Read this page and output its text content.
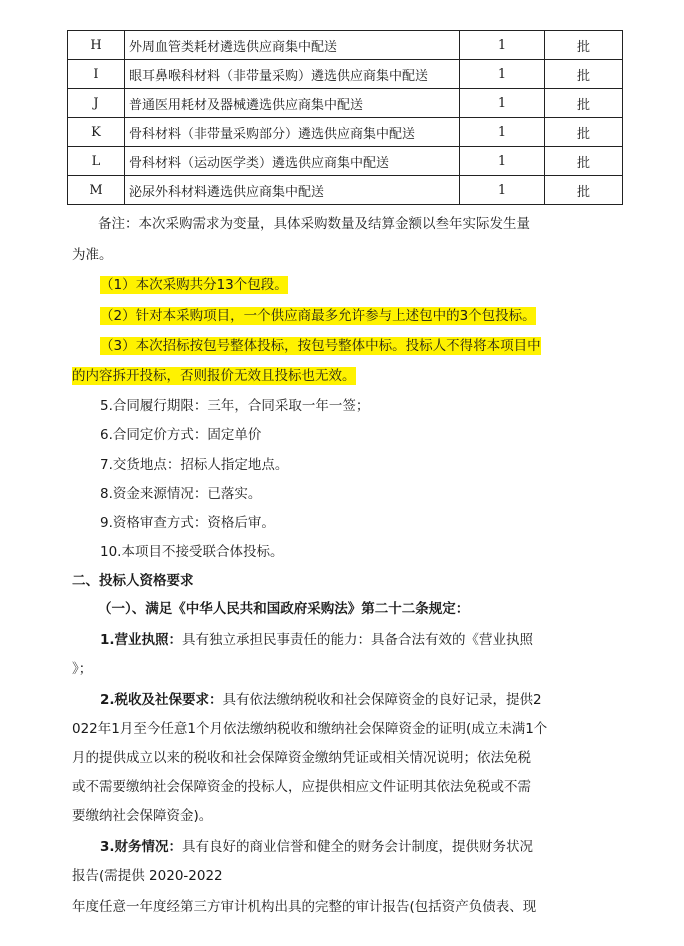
H	外周血管类耗材遴选供应商集中配送	1	批
I	眼耳鼻喉科材料（非带量采购）遴选供应商集中配送	1	批
J	普通医用耗材及器械遴选供应商集中配送	1	批
K	骨科材料（非带量采购部分）遴选供应商集中配送	1	批
L	骨科材料（运动医学类）遴选供应商集中配送	1	批
M	泌尿外科材料遴选供应商集中配送	1	批
备注：本次采购需求为变量，具体采购数量及结算金额以叁年实际发生量
为准。
（1）本次采购共分13个包段。
（2）针对本采购项目，一个供应商最多允许参与上述包中的3个包投标。
（3）本次招标按包号整体投标，按包号整体中标。投标人不得将本项目中
的内容拆开投标，否则报价无效且投标也无效。
5.合同履行期限：三年，合同采取一年一签；
6.合同定价方式：固定单价
7.交货地点：招标人指定地点。
8.资金来源情况：已落实。
9.资格审查方式：资格后审。
10.本项目不接受联合体投标。
二、投标人资格要求
（一）、满足《中华人民共和国政府采购法》第二十二条规定：
1.营业执照：具有独立承担民事责任的能力：具备合法有效的《营业执照
》；
2.税收及社保要求：具有依法缴纳税收和社会保障资金的良好记录，提供2
022年1月至今任意1个月依法缴纳税收和缴纳社会保障资金的证明(成立未满1个
月的提供成立以来的税收和社会保障资金缴纳凭证或相关情况说明；依法免税
或不需要缴纳社会保障资金的投标人，应提供相应文件证明其依法免税或不需
要缴纳社会保障资金)。
3.财务情况：具有良好的商业信誉和健全的财务会计制度，提供财务状况
报告(需提供 2020-2022
年度任意一年度经第三方审计机构出具的完整的审计报告(包括资产负债表、现
